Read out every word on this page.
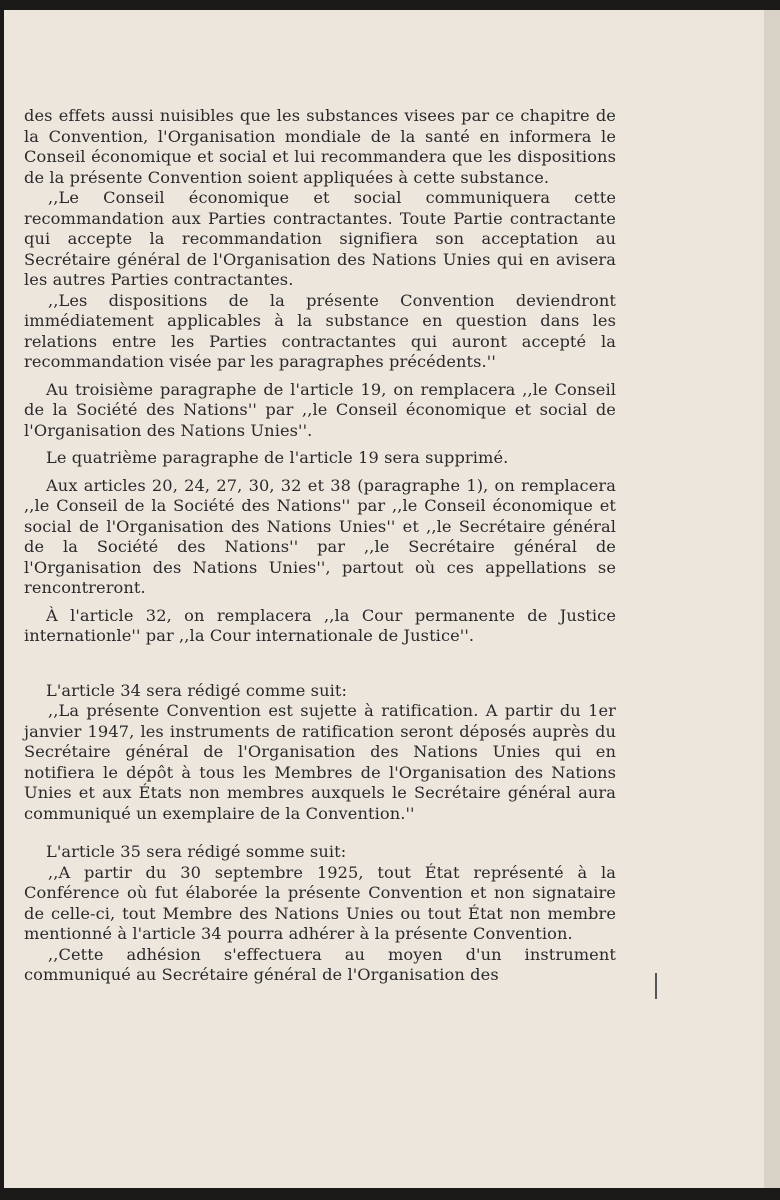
des effets aussi nuisibles que les substances visees par ce chapitre de la Convention, l'Organisation mondiale de la santé en informera le Conseil économique et social et lui recommandera que les dispositions de la présente Convention soient appliquées à cette substance.

,,Le Conseil économique et social communiquera cette recommandation aux Parties contractantes. Toute Partie contractante qui accepte la recommandation signifiera son acceptation au Secrétaire général de l'Organisation des Nations Unies qui en avisera les autres Parties contractantes.

,,Les dispositions de la présente Convention deviendront immédiatement applicables à la substance en question dans les relations entre les Parties contractantes qui auront accepté la recommandation visée par les paragraphes précédents.''

Au troisième paragraphe de l'article 19, on remplacera ,,le Conseil de la Société des Nations'' par ,,le Conseil économique et social de l'Organisation des Nations Unies''.

Le quatrième paragraphe de l'article 19 sera supprimé.

Aux articles 20, 24, 27, 30, 32 et 38 (paragraphe 1), on remplacera ,,le Conseil de la Société des Nations'' par ,,le Conseil économique et social de l'Organisation des Nations Unies'' et ,,le Secrétaire général de la Société des Nations'' par ,,le Secrétaire général de l'Organisation des Nations Unies'', partout où ces appellations se rencontreront.

À l'article 32, on remplacera ,,la Cour permanente de Justice internationle'' par ,,la Cour internationale de Justice''.

L'article 34 sera rédigé comme suit:

,,La présente Convention est sujette à ratification. A partir du 1er janvier 1947, les instruments de ratification seront déposés auprès du Secrétaire général de l'Organisation des Nations Unies qui en notifiera le dépôt à tous les Membres de l'Organisation des Nations Unies et aux États non membres auxquels le Secrétaire général aura communiqué un exemplaire de la Convention.''

L'article 35 sera rédigé somme suit:

,,A partir du 30 septembre 1925, tout État représenté à la Conférence où fut élaborée la présente Convention et non signataire de celle-ci, tout Membre des Nations Unies ou tout État non membre mentionné à l'article 34 pourra adhérer à la présente Convention.

,,Cette adhésion s'effectuera au moyen d'un instrument communiqué au Secrétaire général de l'Organisation des
